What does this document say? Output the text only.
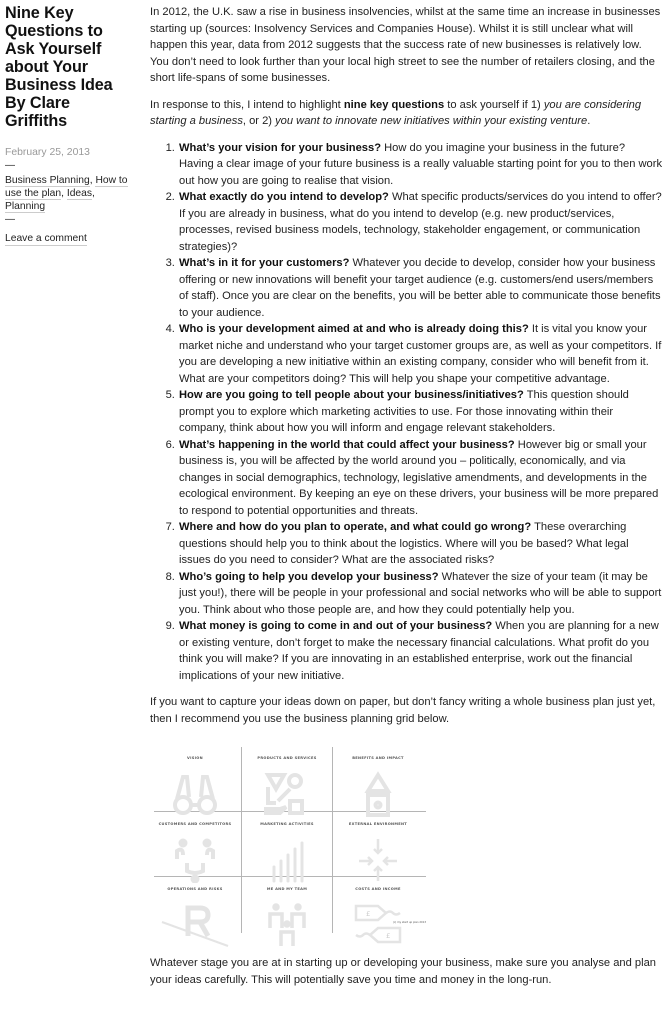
Nine Key Questions to Ask Yourself about Your Business Idea By Clare Griffiths

February 25, 2013

—
Business Planning, How to use the plan, Ideas, Planning
—
Leave a comment

In 2012, the U.K. saw a rise in business insolvencies, whilst at the same time an increase in businesses starting up (sources: Insolvency Services and Companies House). Whilst it is still unclear what will happen this year, data from 2012 suggests that the success rate of new businesses is relatively low. You don’t need to look further than your local high street to see the number of retailers closing, and the short life-spans of some businesses.

In response to this, I intend to highlight nine key questions to ask yourself if 1) you are considering starting a business, or 2) you want to innovate new initiatives within your existing venture.

1. What’s your vision for your business? How do you imagine your business in the future? Having a clear image of your future business is a really valuable starting point for you to then work out how you are going to realise that vision.
2. What exactly do you intend to develop? What specific products/services do you intend to offer? If you are already in business, what do you intend to develop (e.g. new product/services, processes, revised business models, technology, stakeholder engagement, or communication strategies)?
3. What’s in it for your customers? Whatever you decide to develop, consider how your business offering or new innovations will benefit your target audience (e.g. customers/end users/members of staff). Once you are clear on the benefits, you will be better able to communicate those benefits to your audience.
4. Who is your development aimed at and who is already doing this? It is vital you know your market niche and understand who your target customer groups are, as well as your competitors. If you are developing a new initiative within an existing company, consider who will benefit from it. What are your competitors doing? This will help you shape your competitive advantage.
5. How are you going to tell people about your business/initiatives? This question should prompt you to explore which marketing activities to use. For those innovating within their company, think about how you will inform and engage relevant stakeholders.
6. What’s happening in the world that could affect your business? However big or small your business is, you will be affected by the world around you – politically, economically, and via changes in social demographics, technology, legislative amendments, and developments in the ecological environment. By keeping an eye on these drivers, your business will be more prepared to respond to potential opportunities and threats.
7. Where and how do you plan to operate, and what could go wrong? These overarching questions should help you to think about the logistics. Where will you be based? What legal issues do you need to consider? What are the associated risks?
8. Who’s going to help you develop your business? Whatever the size of your team (it may be just you!), there will be people in your professional and social networks who will be able to support you. Think about who those people are, and how they could potentially help you.
9. What money is going to come in and out of your business? When you are planning for a new or existing venture, don’t forget to make the necessary financial calculations. What profit do you think you will make? If you are innovating in an established enterprise, work out the financial implications of your new initiative.

If you want to capture your ideas down on paper, but don’t fancy writing a whole business plan just yet, then I recommend you use the business planning grid below.

VISION	PRODUCTS AND SERVICES	BENEFITS AND IMPACT
CUSTOMERS AND COMPETITORS	MARKETING ACTIVITIES	EXTERNAL ENVIRONMENT
OPERATIONS AND RISKS	ME AND MY TEAM	COSTS AND INCOME
£
£
(c) my start up plan 2013

Whatever stage you are at in starting up or developing your business, make sure you analyse and plan your ideas carefully. This will potentially save you time and money in the long-run.
